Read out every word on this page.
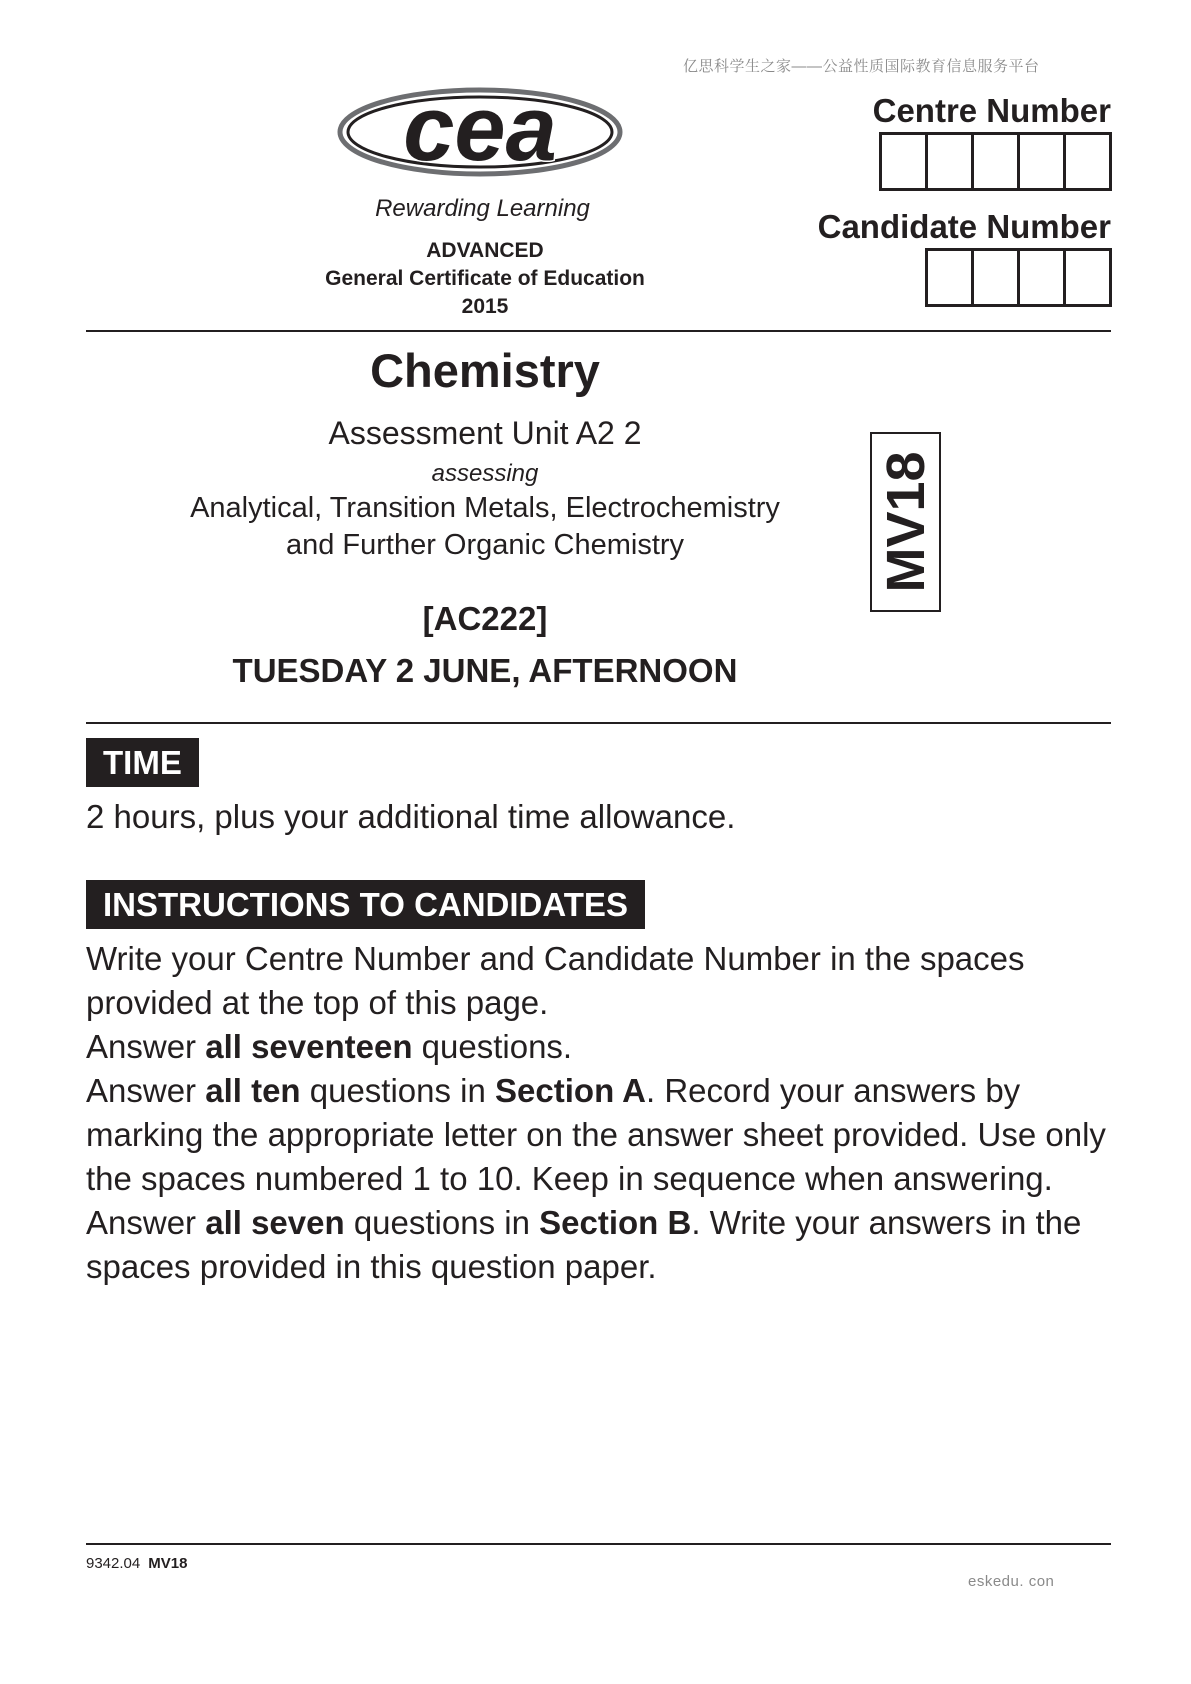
亿思科学生之家——公益性质国际教育信息服务平台
cea
Rewarding Learning
ADVANCED
General Certificate of Education
2015
Centre Number
Candidate Number
Chemistry
Assessment Unit A2 2
assessing
Analytical, Transition Metals, Electrochemistry
and Further Organic Chemistry
[AC222]
TUESDAY 2 JUNE, AFTERNOON
MV18
TIME
2 hours, plus your additional time allowance.
INSTRUCTIONS TO CANDIDATES

Write your Centre Number and Candidate Number in the spaces provided at the top of this page.

Answer all seventeen questions.

Answer all ten questions in Section A. Record your answers by marking the appropriate letter on the answer sheet provided. Use only the spaces numbered 1 to 10. Keep in sequence when answering.

Answer all seven questions in Section B. Write your answers in the spaces provided in this question paper.

9342.04 MV18
eskedu. con
